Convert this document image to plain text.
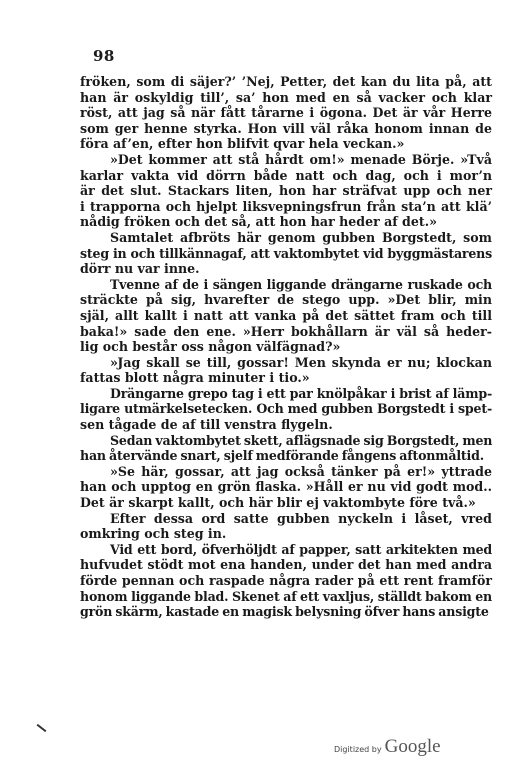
98
fröken, som di säjer?’ ’Nej, Petter, det kan du lita på, att
han är oskyldig till’, sa’ hon med en så vacker och klar
röst, att jag så när fått tårarne i ögona. Det är vår Herre
som ger henne styrka. Hon vill väl råka honom innan de
föra af’en, efter hon blifvit qvar hela veckan.»
»Det kommer att stå hårdt om!» menade Börje. »Två
karlar vakta vid dörrn både natt och dag, och i mor’n
är det slut. Stackars liten, hon har sträfvat upp och ner
i trapporna och hjelpt liksvepningsfrun från sta’n att klä’
nådig fröken och det så, att hon har heder af det.»
Samtalet afbröts här genom gubben Borgstedt, som
steg in och tillkännagaf, att vaktombytet vid byggmästarens
dörr nu var inne.
Tvenne af de i sängen liggande drängarne ruskade och
sträckte på sig, hvarefter de stego upp. »Det blir, min
själ, allt kallt i natt att vanka på det sättet fram och till
baka!» sade den ene. »Herr bokhållarn är väl så heder-
lig och består oss någon välfägnad?»
»Jag skall se till, gossar! Men skynda er nu; klockan
fattas blott några minuter i tio.»
Drängarne grepo tag i ett par knölpåkar i brist af lämp-
ligare utmärkelsetecken. Och med gubben Borgstedt i spet-
sen tågade de af till venstra flygeln.
Sedan vaktombytet skett, aflägsnade sig Borgstedt, men
han återvände snart, sjelf medförande fångens aftonmåltid.
»Se här, gossar, att jag också tänker på er!» yttrade
han och upptog en grön flaska. »Håll er nu vid godt mod..
Det är skarpt kallt, och här blir ej vaktombyte före två.»
Efter dessa ord satte gubben nyckeln i låset, vred
omkring och steg in.
Vid ett bord, öfverhöljdt af papper, satt arkitekten med
hufvudet stödt mot ena handen, under det han med andra
förde pennan och raspade några rader på ett rent framför
honom liggande blad. Skenet af ett vaxljus, ställdt bakom en
grön skärm, kastade en magisk belysning öfver hans ansigte
Digitized by Google
